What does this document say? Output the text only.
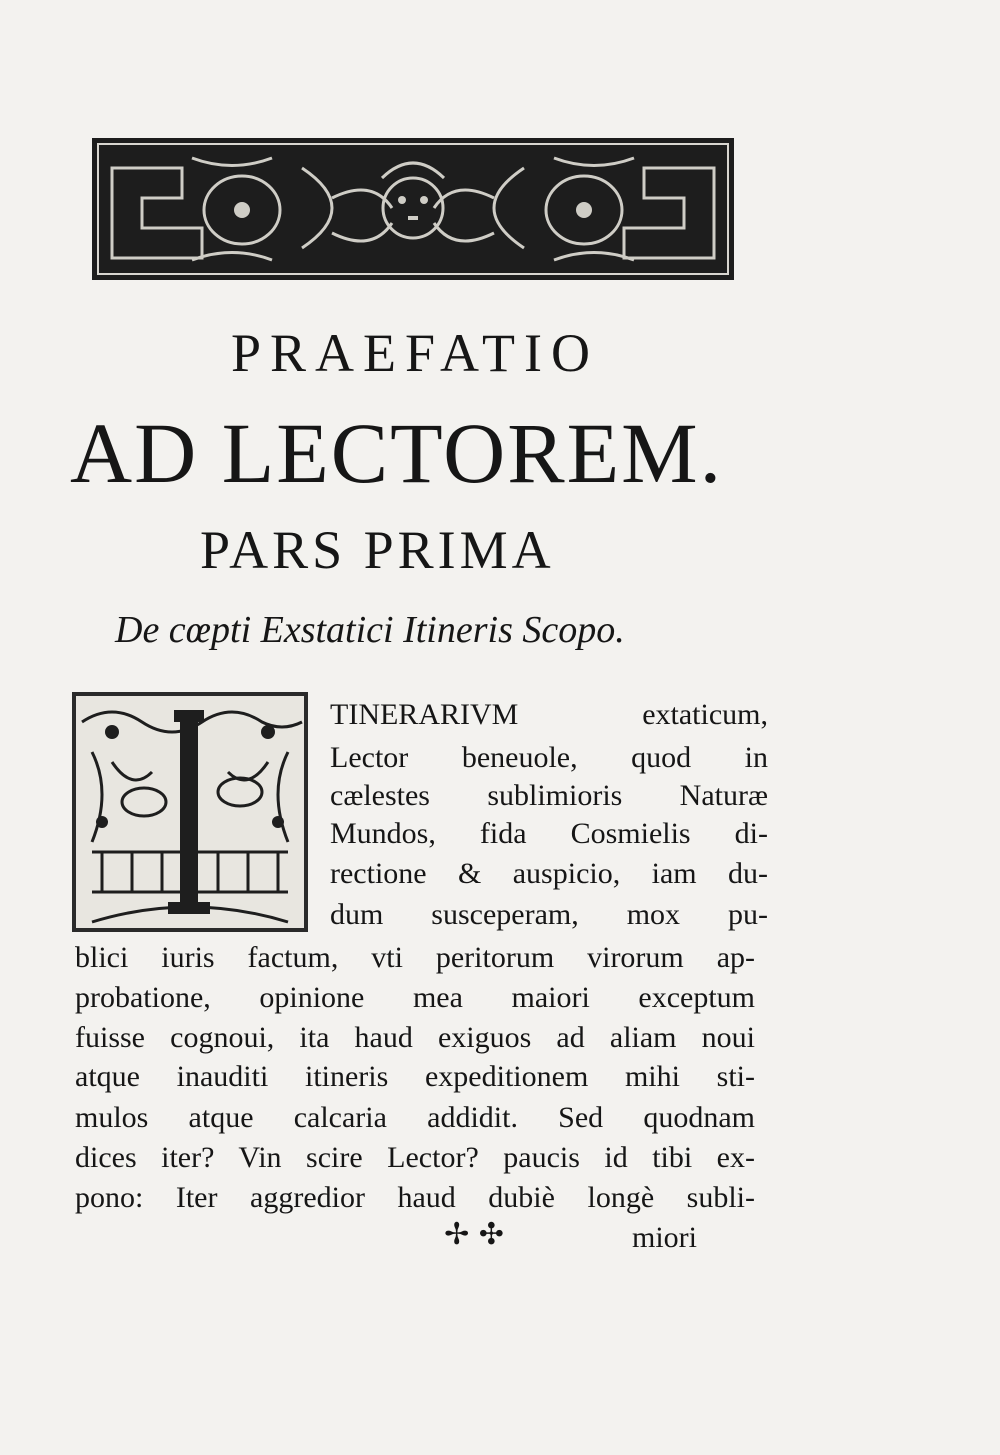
PRAEFATIO
AD LECTOREM.
PARS PRIMA
De cœpti Exstatici Itineris Scopo.
TINERARIVM extaticum,
Lector beneuole, quod in
cælestes sublimioris Naturæ
Mundos, fida Cosmielis di-
rectione & auspicio, iam du-
dum susceperam, mox pu-
blici iuris factum, vti peritorum virorum ap-
probatione, opinione mea maiori exceptum
fuisse cognoui, ita haud exiguos ad aliam noui
atque inauditi itineris expeditionem mihi sti-
mulos atque calcaria addidit. Sed quodnam
dices iter? Vin scire Lector? paucis id tibi ex-
pono: Iter aggredior haud dubiè longè subli-
✢ ✣	miori
